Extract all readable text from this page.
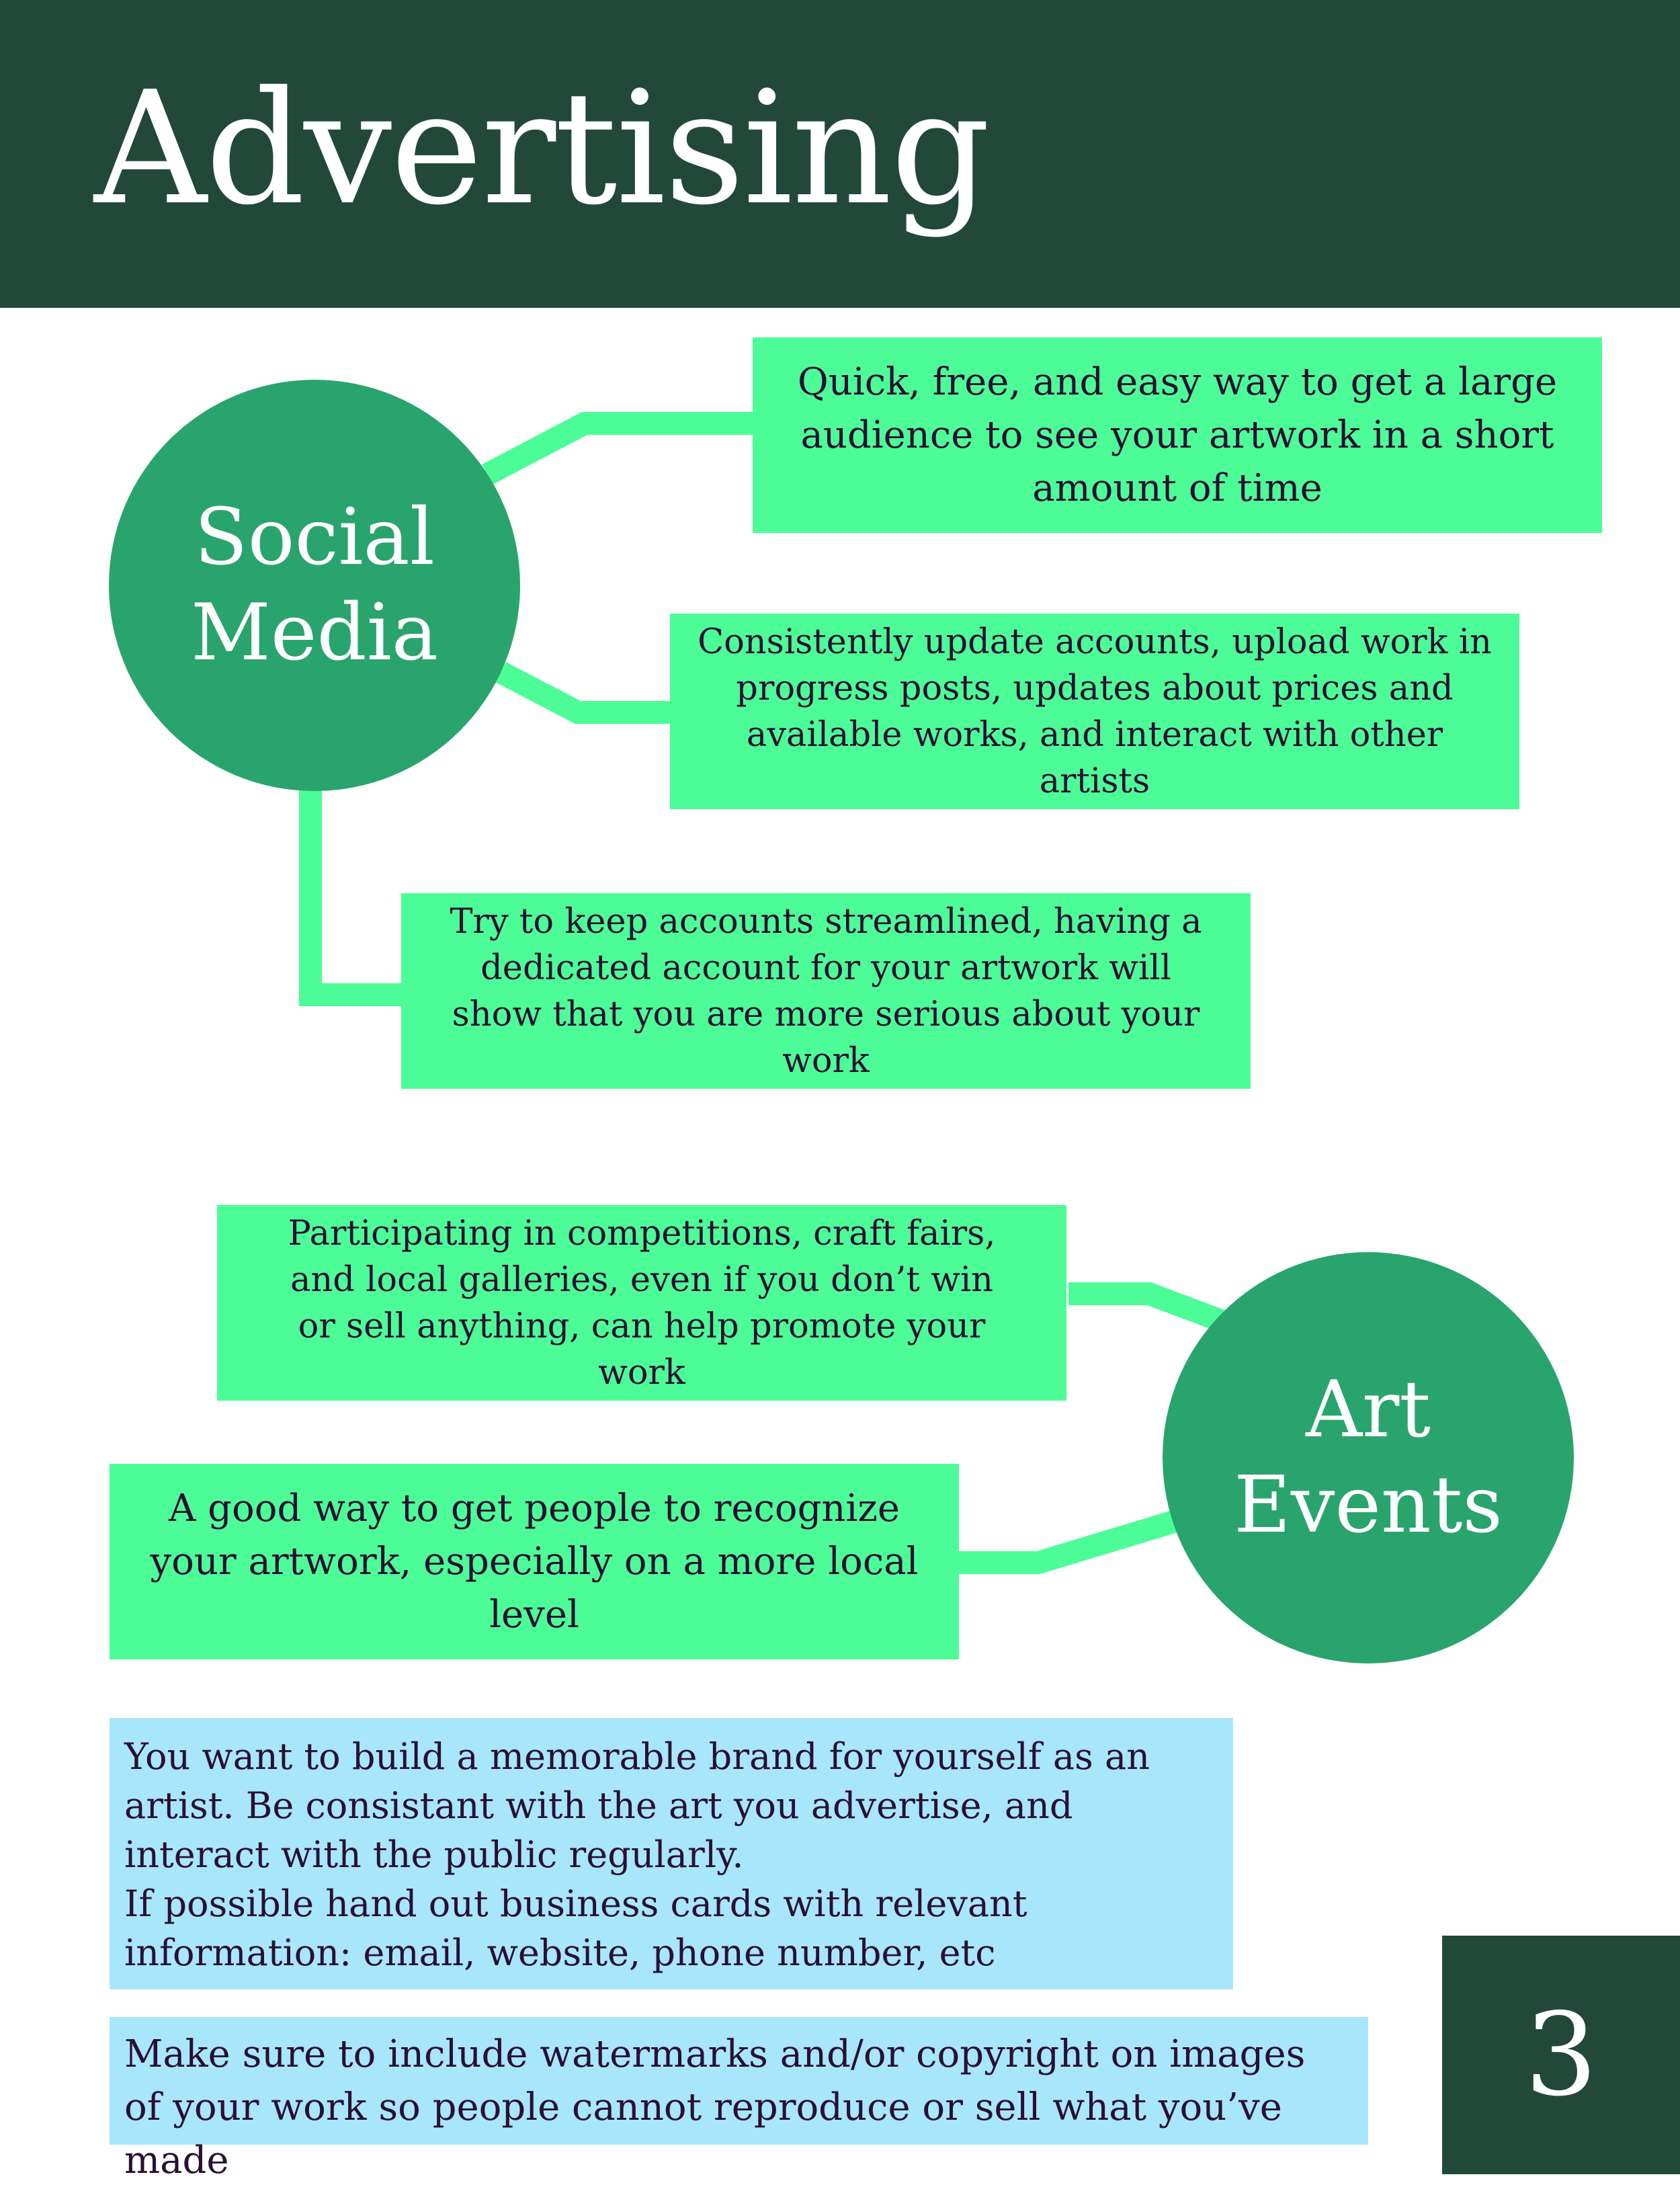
Advertising
Social
Media
Quick, free, and easy way to get a large audience to see your artwork in a short amount of time
Consistently update accounts, upload work in progress posts, updates about prices and available works, and interact with other artists
Try to keep accounts streamlined, having a dedicated account for your artwork will show that you are more serious about your work
Art
Events
Participating in competitions, craft fairs, and local galleries, even if you don’t win or sell anything, can help promote your work
A good way to get people to recognize your artwork, especially on a more local level

You want to build a memorable brand for yourself as an artist. Be consistant with the art you advertise, and interact with the public regularly.

If possible hand out business cards with relevant information: email, website, phone number, etc

Make sure to include watermarks and/or copyright on images of your work so people cannot reproduce or sell what you’ve made

3
